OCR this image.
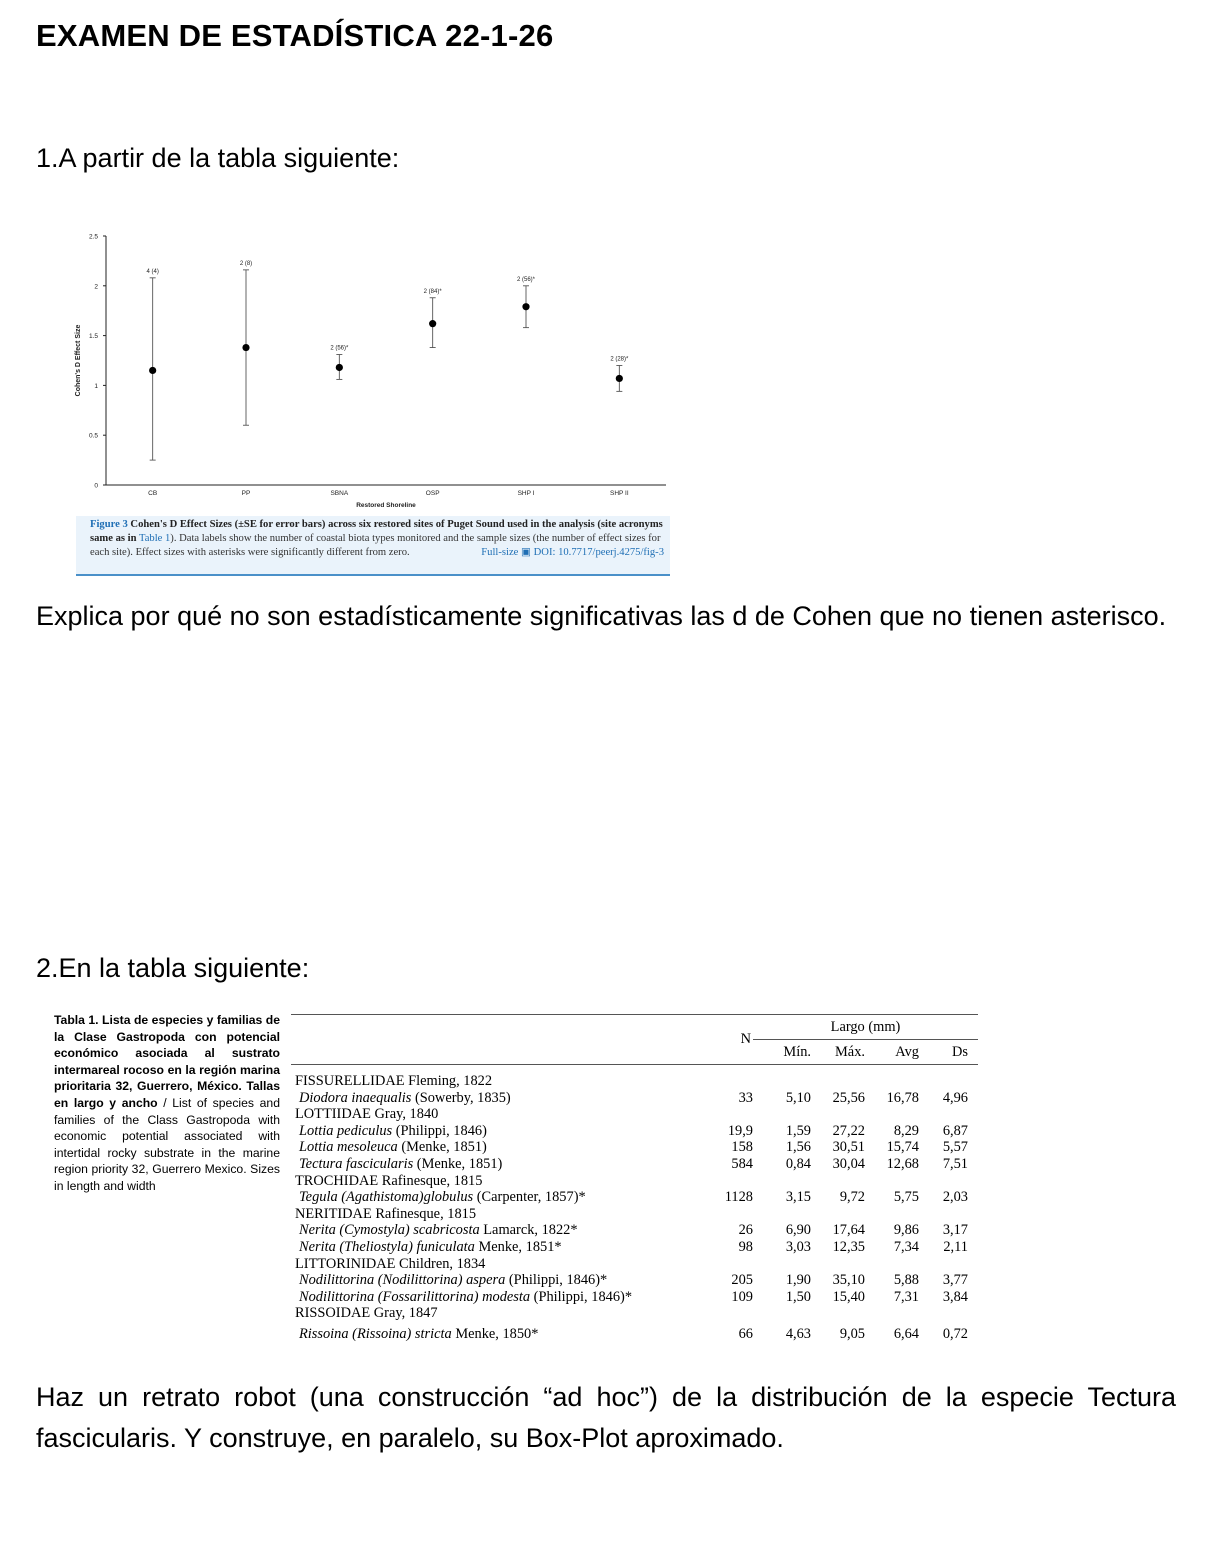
EXAMEN DE ESTADÍSTICA 22-1-26
1.A partir de la tabla siguiente:
0
0.5
1
1.5
2
2.5
Cohen's D Effect Size
Restored Shoreline
CB
4 (4)
PP
2 (8)
SBNA
2 (56)*
OSP
2 (84)*
SHP I
2 (56)*
SHP II
2 (28)*
Figure 3 Cohen's D Effect Sizes (±SE for error bars) across six restored sites of Puget Sound used in the analysis (site acronyms same as in Table 1). Data labels show the number of coastal biota types monitored and the sample sizes (the number of effect sizes for each site). Effect sizes with asterisks were significantly different from zero.	Full-size ▣ DOI: 10.7717/peerj.4275/fig-3
Explica por qué no son estadísticamente significativas las d de Cohen que no tienen asterisco.
2.En la tabla siguiente:
Tabla 1. Lista de especies y familias de la Clase Gastropoda con potencial económico asociada al sustrato intermareal rocoso en la región marina prioritaria 32, Guerrero, México. Tallas en largo y ancho / List of species and families of the Class Gastropoda with economic potential associated with intertidal rocky substrate in the marine region priority 32, Guerrero Mexico. Sizes in length and width
	N	Largo (mm)			
		Mín.	Máx.	Avg	Ds
FISSURELLIDAE Fleming, 1822					
Diodora inaequalis (Sowerby, 1835)	33	5,10	25,56	16,78	4,96
LOTTIIDAE Gray, 1840					
Lottia pediculus (Philippi, 1846)	19,9	1,59	27,22	8,29	6,87
Lottia mesoleuca (Menke, 1851)	158	1,56	30,51	15,74	5,57
Tectura fascicularis (Menke, 1851)	584	0,84	30,04	12,68	7,51
TROCHIDAE Rafinesque, 1815					
Tegula (Agathistoma)globulus (Carpenter, 1857)*	1128	3,15	9,72	5,75	2,03
NERITIDAE Rafinesque, 1815					
Nerita (Cymostyla) scabricosta Lamarck, 1822*	26	6,90	17,64	9,86	3,17
Nerita (Theliostyla) funiculata Menke, 1851*	98	3,03	12,35	7,34	2,11
LITTORINIDAE Children, 1834					
Nodilittorina (Nodilittorina) aspera (Philippi, 1846)*	205	1,90	35,10	5,88	3,77
Nodilittorina (Fossarilittorina) modesta (Philippi, 1846)*	109	1,50	15,40	7,31	3,84
RISSOIDAE Gray, 1847					
Rissoina (Rissoina) stricta Menke, 1850*	66	4,63	9,05	6,64	0,72
Haz un retrato robot (una construcción “ad hoc”) de la distribución de la especie Tectura fascicularis. Y construye, en paralelo, su Box-Plot aproximado.
